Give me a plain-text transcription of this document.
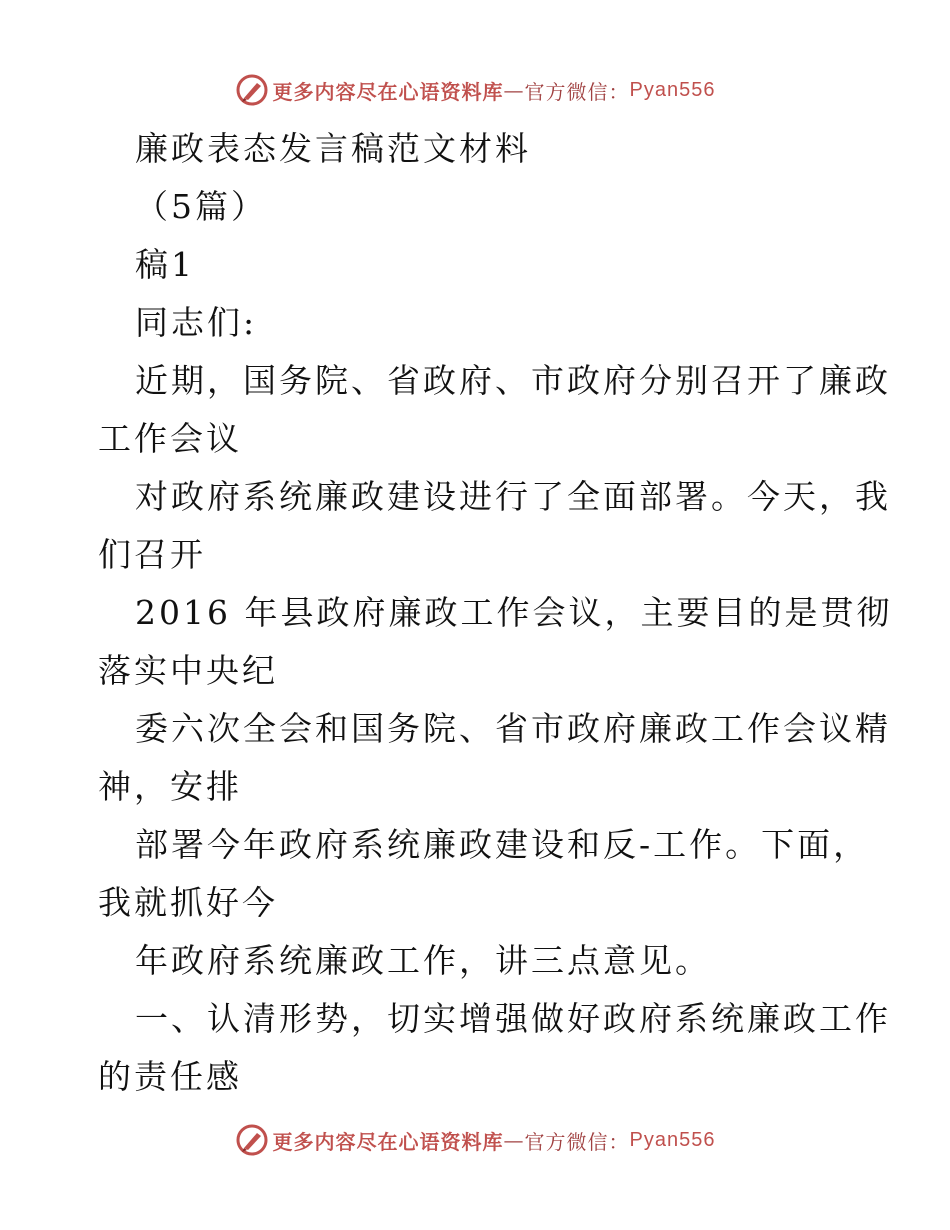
更多内容尽在心语资料库 — 官方微信： Pyan556
廉政表态发言稿范文材料
（5篇）
稿1
同志们:
近期，国务院、省政府、市政府分别召开了廉政
工作会议
对政府系统廉政建设进行了全面部署。今天，我
们召开
2016 年县政府廉政工作会议，主要目的是贯彻
落实中央纪
委六次全会和国务院、省市政府廉政工作会议精
神，安排
部署今年政府系统廉政建设和反-工作。下面，
我就抓好今
年政府系统廉政工作，讲三点意见。
一、认清形势，切实增强做好政府系统廉政工作
的责任感
更多内容尽在心语资料库 — 官方微信： Pyan556
